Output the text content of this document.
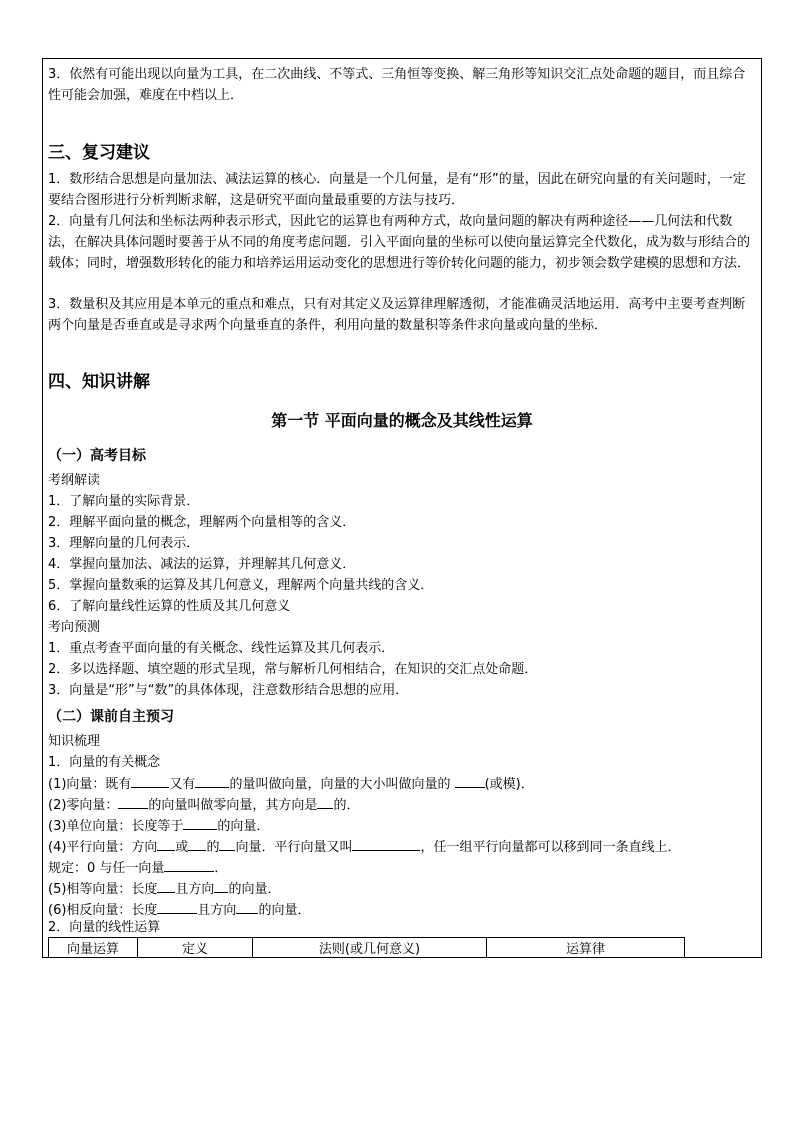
3．依然有可能出现以向量为工具，在二次曲线、不等式、三角恒等变换、解三角形等知识交汇点处命题的题目，而且综合性可能会加强，难度在中档以上．

三、复习建议

1．数形结合思想是向量加法、减法运算的核心．向量是一个几何量，是有“形”的量，因此在研究向量的有关问题时，一定要结合图形进行分析判断求解，这是研究平面向量最重要的方法与技巧．

2．向量有几何法和坐标法两种表示形式，因此它的运算也有两种方式，故向量问题的解决有两种途径——几何法和代数法，在解决具体问题时要善于从不同的角度考虑问题．引入平面向量的坐标可以使向量运算完全代数化，成为数与形结合的载体；同时，增强数形转化的能力和培养运用运动变化的思想进行等价转化问题的能力，初步领会数学建模的思想和方法．

3．数量积及其应用是本单元的重点和难点，只有对其定义及运算律理解透彻，才能准确灵活地运用．高考中主要考查判断两个向量是否垂直或是寻求两个向量垂直的条件，利用向量的数量积等条件求向量或向量的坐标．

四、知识讲解

第一节 平面向量的概念及其线性运算

（一）高考目标

考纲解读

1．了解向量的实际背景．

2．理解平面向量的概念，理解两个向量相等的含义．

3．理解向量的几何表示．

4．掌握向量加法、减法的运算，并理解其几何意义．

5．掌握向量数乘的运算及其几何意义，理解两个向量共线的含义．

6．了解向量线性运算的性质及其几何意义

考向预测

1．重点考查平面向量的有关概念、线性运算及其几何表示．

2．多以选择题、填空题的形式呈现，常与解析几何相结合，在知识的交汇点处命题．

3．向量是“形”与“数”的具体体现，注意数形结合思想的应用．

（二）课前自主预习

知识梳理

1．向量的有关概念

(1)向量：既有	又有	的量叫做向量，向量的大小叫做向量的 (或模)．

(2)零向量： 的向量叫做零向量，其方向是 的．

(3)单位向量：长度等于	的向量．

(4)平行向量：方向 或 的 向量．平行向量又叫	，任一组平行向量都可以移到同一条直线上．

规定：0 与任一向量	．

(5)相等向量：长度 且方向 的向量．

(6)相反向量：长度	且方向 的向量．

2．向量的线性运算

向量运算	定义	法则(或几何意义)	运算律
